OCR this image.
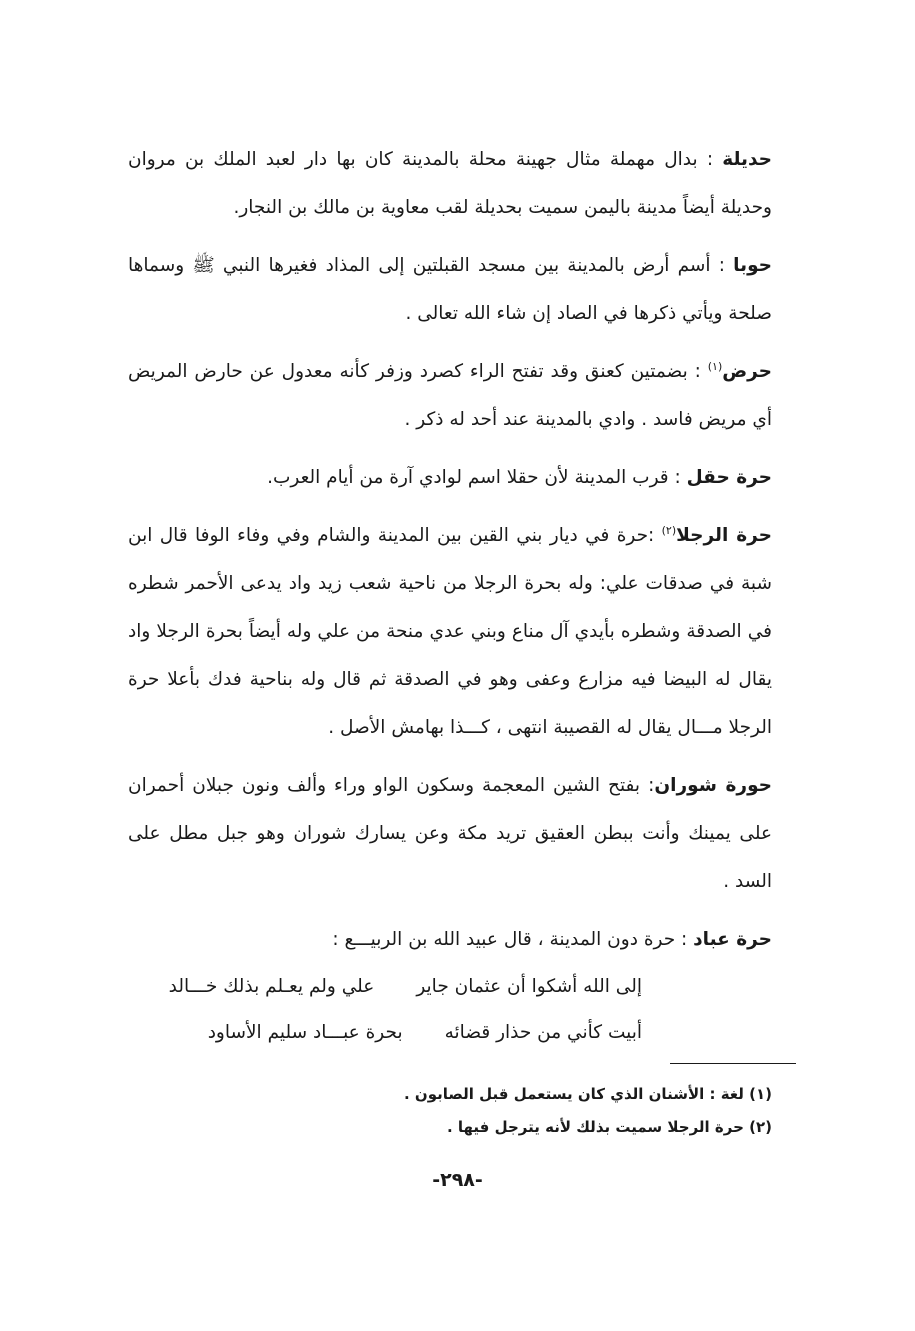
حديلة : بدال مهملة مثال جهينة محلة بالمدينة كان بها دار لعبد الملك بن مروان وحديلة أيضاً مدينة باليمن سميت بحديلة لقب معاوية بن مالك بن النجار.

حوبا : أسم أرض بالمدينة بين مسجد القبلتين إلى المذاد فغيرها النبي ﷺ وسماها صلحة ويأتي ذكرها في الصاد إن شاء الله تعالى .

حرض$^{(١)}$ : بضمتين كعنق وقد تفتح الراء كصرد وزفر كأنه معدول عن حارض المريض أي مريض فاسد . وادي بالمدينة عند أحد له ذكر .

حرة حقل : قرب المدينة لأن حقلا اسم لوادي آرة من أيام العرب.

حرة الرجلا$^{(٢)}$ :حرة في ديار بني القين بين المدينة والشام وفي وفاء الوفا قال ابن شبة في صدقات علي: وله بحرة الرجلا من ناحية شعب زيد واد يدعى الأحمر شطره في الصدقة وشطره بأيدي آل مناع وبني عدي منحة من علي وله أيضاً بحرة الرجلا واد يقال له البيضا فيه مزارع وعفى وهو في الصدقة ثم قال وله بناحية فدك بأعلا حرة الرجلا مـــال يقال له القصيبة انتهى ، كـــذا بهامش الأصل .

حورة شوران: بفتح الشين المعجمة وسكون الواو وراء وألف ونون جبلان أحمران على يمينك وأنت ببطن العقيق تريد مكة وعن يسارك شوران وهو جبل مطل على السد .

حرة عباد : حرة دون المدينة ، قال عبيد الله بن الربيـــع :

إلى الله أشكوا أن عثمان جاير
علي ولم يعـلم بذلك خـــالد
أبيت كأني من حذار قضائه
بحرة عبـــاد سليم الأساود

(١) لغة : الأشنان الذي كان يستعمل قبل الصابون .

(٢) حرة الرجلا سميت بذلك لأنه يترجل فيها .

-٢٩٨-
